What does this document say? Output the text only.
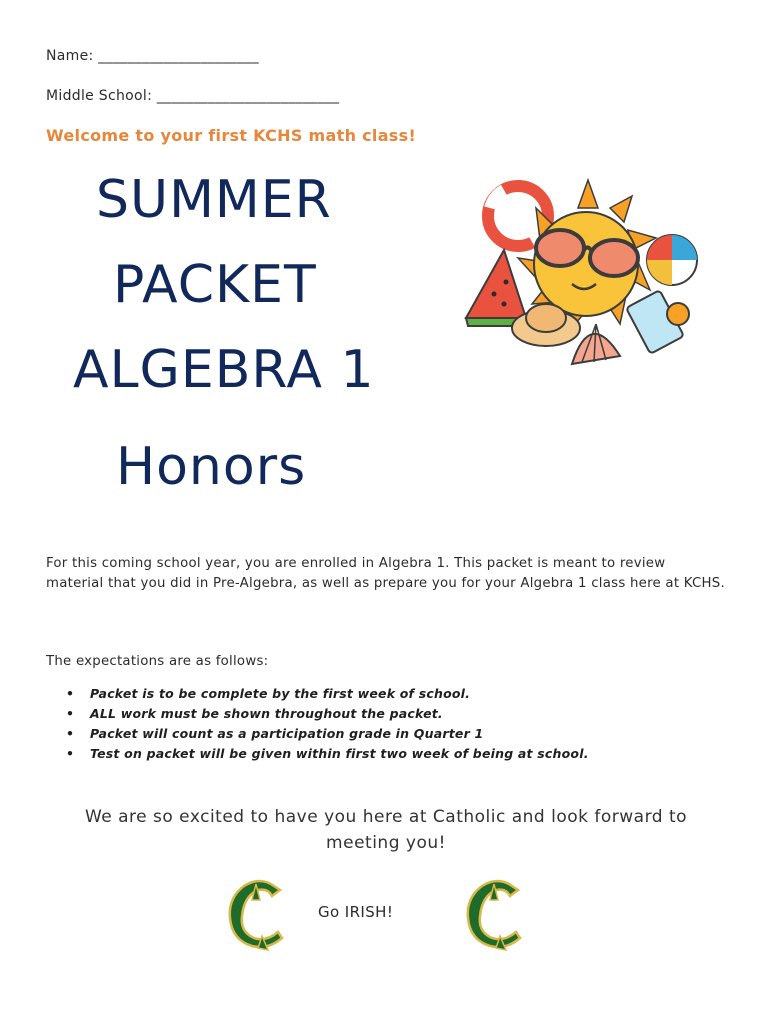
Name: ______________________
Middle School: _________________________
Welcome to your first KCHS math class!
SUMMER
PACKET
ALGEBRA 1
Honors
For this coming school year, you are enrolled in Algebra 1. This packet is meant to review material that you did in Pre-Algebra, as well as prepare you for your Algebra 1 class here at KCHS.
The expectations are as follows:
• Packet is to be complete by the first week of school.
• ALL work must be shown throughout the packet.
• Packet will count as a participation grade in Quarter 1
• Test on packet will be given within first two week of being at school.
We are so excited to have you here at Catholic and look forward to meeting you!
Go IRISH!
